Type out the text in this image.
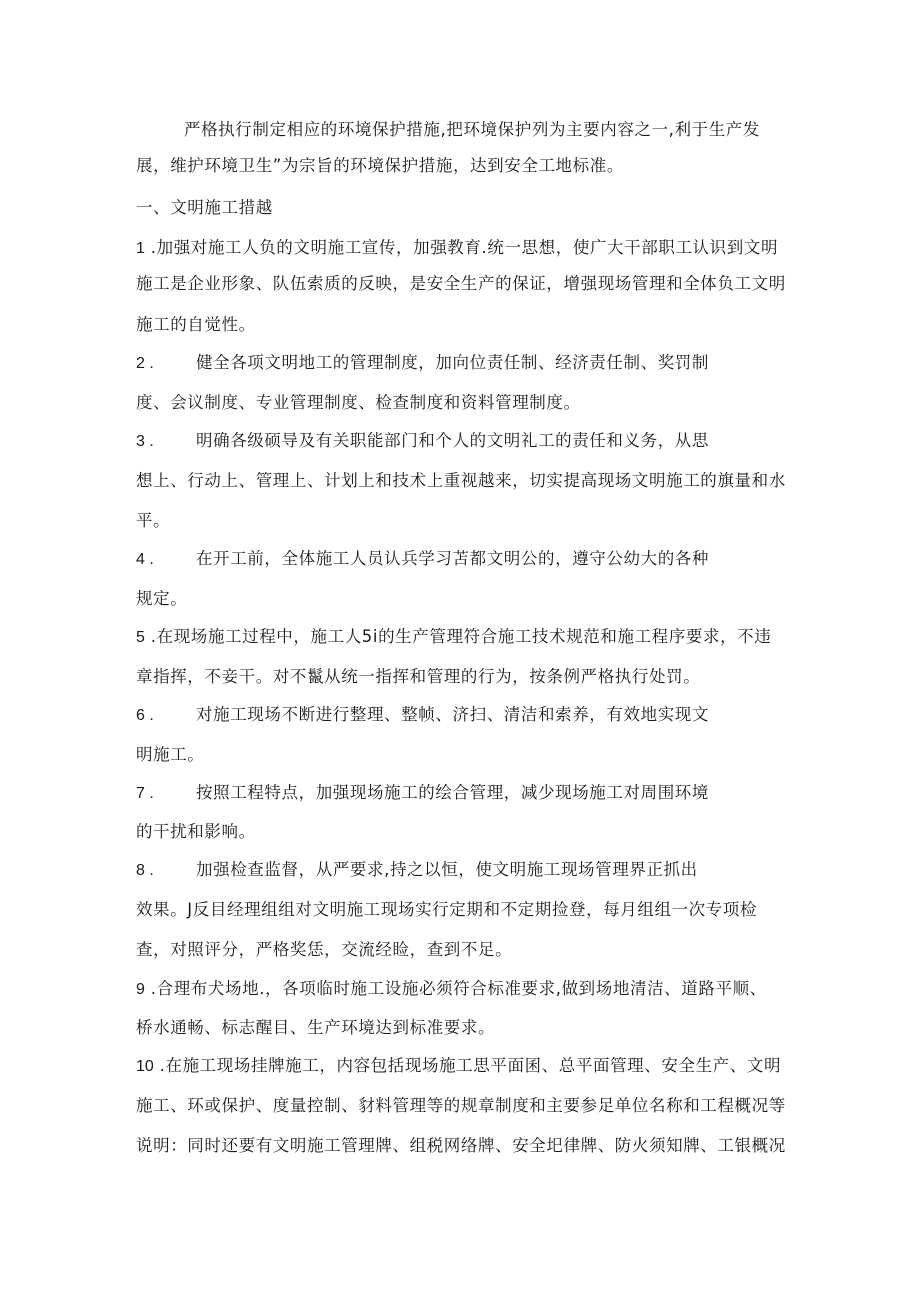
严格执行制定相应的环境保护措施,把环境保护列为主要内容之一,利于生产发
展，维护环境卫生”为宗旨的环境保护措施，达到安全工地标准。
一、文明施工措越
1 .加强对施工人负的文明施工宣传，加强教育.统一思想，使广大干部职工认识到文明
施工是企业形象、队伍索质的反映，是安全生产的保证，增强现场管理和全体负工文明
施工的自觉性。
2 .	健全各项文明地工的管理制度，加向位责任制、经济责任制、奖罚制
度、会议制度、专业管理制度、检查制度和资料管理制度。
3 .	明确各级硕导及有关职能部门和个人的文明礼工的责任和义务，从思
想上、行动上、管理上、计划上和技术上重视越来，切实提高现场文明施工的旗量和水
平。
4 .	在开工前，全体施工人员认兵学习苫都文明公的，遵守公幼大的各种
规定。
5 .在现场施工过程中，施工人5i的生产管理符合施工技术规范和施工程序要求，不违
章指挥，不妾干。对不鬣从统一指挥和管理的行为，按条例严格执行处罚。
6 .	对施工现场不断进行整理、整帧、济扫、清洁和索养，有效地实现文
明施工。
7 .	按照工程特点，加强现场施工的绘合管理，减少现场施工对周围环境
的干扰和影响。
8 .	加强检查监督，从严要求,持之以恒，使文明施工现场管理界正抓出
效果。J反目经理组组对文明施工现场实行定期和不定期捡登，每月组组一次专项检
查，对照评分，严格奖恁，交流经睑，查到不足。
9 .合理布犬场地.，各项临时施工设施必须符合标准要求,做到场地清洁、道路平顺、
桥水通畅、标志醒目、生产环境达到标准要求。
10 .在施工现场挂牌施工，内容包括现场施工思平面囷、总平面管理、安全生产、文明
施工、环或保护、度量控制、豺料管理等的规章制度和主要参足单位名称和工程概况等
说明：同时还要有文明施工管理牌、组税网络牌、安全圯律牌、防火须知牌、工银概况
